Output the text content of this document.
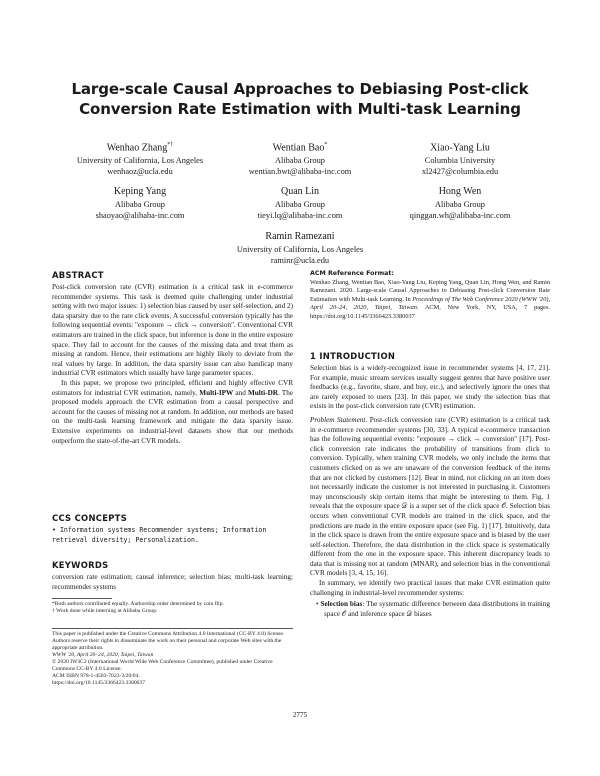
Large-scale Causal Approaches to Debiasing Post-click Conversion Rate Estimation with Multi-task Learning
Wenhao Zhang*†
University of California, Los Angeles
wenhaoz@ucla.edu
Wentian Bao*
Alibaba Group
wentian.bwt@alibaba-inc.com
Xiao-Yang Liu
Columbia University
xl2427@columbia.edu
Keping Yang
Alibaba Group
shaoyao@alibaba-inc.com
Quan Lin
Alibaba Group
tieyi.lq@alibaba-inc.com
Hong Wen
Alibaba Group
qinggan.wh@alibaba-inc.com
Ramin Ramezani
University of California, Los Angeles
raminr@ucla.edu
ABSTRACT

Post-click conversion rate (CVR) estimation is a critical task in e-commerce recommender systems. This task is deemed quite challenging under industrial setting with two major issues: 1) selection bias caused by user self-selection, and 2) data sparsity due to the rare click events. A successful conversion typically has the following sequential events: "exposure → click → conversion". Conventional CVR estimators are trained in the click space, but inference is done in the entire exposure space. They fail to account for the causes of the missing data and treat them as missing at random. Hence, their estimations are highly likely to deviate from the real values by large. In addition, the data sparsity issue can also handicap many industrial CVR estimators which usually have large parameter spaces.

In this paper, we propose two principled, efficient and highly effective CVR estimators for industrial CVR estimation, namely, Multi-IPW and Multi-DR. The proposed models approach the CVR estimation from a causal perspective and account for the causes of missing not at random. In addition, our methods are based on the multi-task learning framework and mitigate the data sparsity issue. Extensive experiments on industrial-level datasets show that our methods outperform the state-of-the-art CVR models.

CCS CONCEPTS
• Information systems Recommender systems; Information retrieval diversity; Personalization.
KEYWORDS
conversion rate estimation; causal inference; selection bias; multi-task learning; recommender systems

*Both authors contributed equally. Authorship order determined by coin flip.

† Work done while interning at Alibaba Group.

This paper is published under the Creative Commons Attribution 4.0 International (CC-BY 4.0) license. Authors reserve their rights to disseminate the work on their personal and corporate Web sites with the appropriate attribution.

WWW '20, April 20–24, 2020, Taipei, Taiwan

© 2020 IW3C2 (International World Wide Web Conference Committee), published under Creative Commons CC-BY 4.0 License.

ACM ISBN 978-1-4503-7023-3/20/04.

https://doi.org/10.1145/3366423.3380037

ACM Reference Format:

Wenhao Zhang, Wentian Bao, Xiao-Yang Liu, Keping Yang, Quan Lin, Hong Wen, and Ramin Ramezani. 2020. Large-scale Causal Approaches to Debiasing Post-click Conversion Rate Estimation with Multi-task Learning. In Proceedings of The Web Conference 2020 (WWW '20), April 20–24, 2020, Taipei, Taiwan. ACM, New York, NY, USA, 7 pages. https://doi.org/10.1145/3366423.3380037

1 INTRODUCTION

Selection bias is a widely-recognized issue in recommender systems [4, 17, 21]. For example, music stream services usually suggest genres that have positive user feedbacks (e.g., favorite, share, and buy, etc.), and selectively ignore the ones that are rarely exposed to users [23]. In this paper, we study the selection bias that exists in the post-click conversion rate (CVR) estimation.

Problem Statement. Post-click conversion rate (CVR) estimation is a critical task in e-commerce recommender systems [30, 33]. A typical e-commerce transaction has the following sequential events: "exposure → click → conversion" [17]. Post-click conversion rate indicates the probability of transitions from click to conversion. Typically, when training CVR models, we only include the items that customers clicked on as we are unaware of the conversion feedback of the items that are not clicked by customers [12]. Bear in mind, not clicking on an item does not necessarily indicate the customer is not interested in purchasing it. Customers may unconsciously skip certain items that might be interesting to them. Fig. 1 reveals that the exposure space 𝒟 is a super set of the click space 𝒪. Selection bias occurs when conventional CVR models are trained in the click space, and the predictions are made in the entire exposure space (see Fig. 1) [17]. Intuitively, data in the click space is drawn from the entire exposure space and is biased by the user self-selection. Therefore, the data distribution in the click space is systematically different from the one in the exposure space. This inherent discrepancy leads to data that is missing not at random (MNAR), and selection bias in the conventional CVR models [3, 4, 15, 16].

In summary, we identify two practical issues that make CVR estimation quite challenging in industrial-level recommender systems:

• Selection bias: The systematic difference between data distributions in training space 𝒪 and inference space 𝒟 biases

2775
